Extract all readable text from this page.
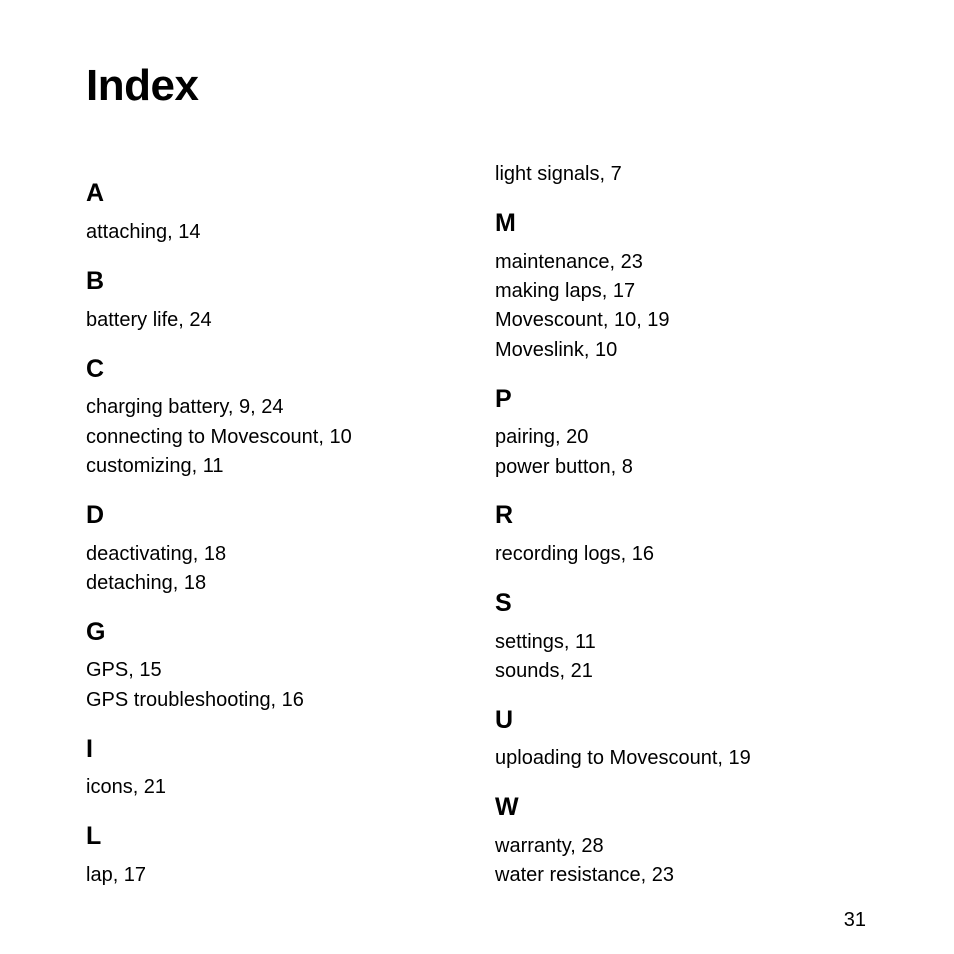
Index
A
attaching, 14
B
battery life, 24
C
charging battery, 9, 24
connecting to Movescount, 10
customizing, 11
D
deactivating, 18
detaching, 18
G
GPS, 15
GPS troubleshooting, 16
I
icons, 21
L
lap, 17
light signals, 7
M
maintenance, 23
making laps, 17
Movescount, 10, 19
Moveslink, 10
P
pairing, 20
power button, 8
R
recording logs, 16
S
settings, 11
sounds, 21
U
uploading to Movescount, 19
W
warranty, 28
water resistance, 23
31
